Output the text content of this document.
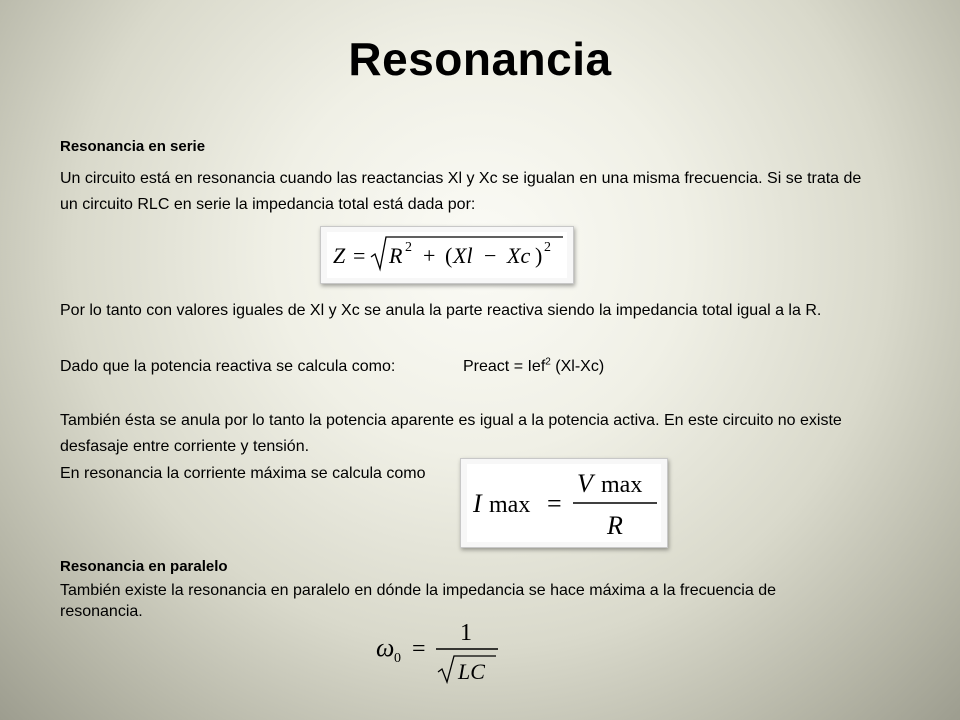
Resonancia
Resonancia en serie
Un circuito está en resonancia cuando las reactancias Xl y Xc se igualan en una misma frecuencia. Si se trata de
un circuito RLC en serie la impedancia total está dada por:
Z = R 2 + ( Xl − Xc ) 2
Por lo tanto con valores iguales de Xl y Xc se anula la parte reactiva siendo la impedancia total igual a la R.
Dado que la potencia reactiva se calcula como:	Preact = Ief$^2$ (Xl-Xc)
También ésta se anula por lo tanto la potencia aparente es igual a la potencia activa. En este circuito no existe
desfasaje entre corriente y tensión.
En resonancia la corriente máxima se calcula como
I max =
V max
R
Resonancia en paralelo
También existe la resonancia en paralelo en dónde la impedancia se hace máxima a la frecuencia de resonancia.
ω 0 =
1
LC
